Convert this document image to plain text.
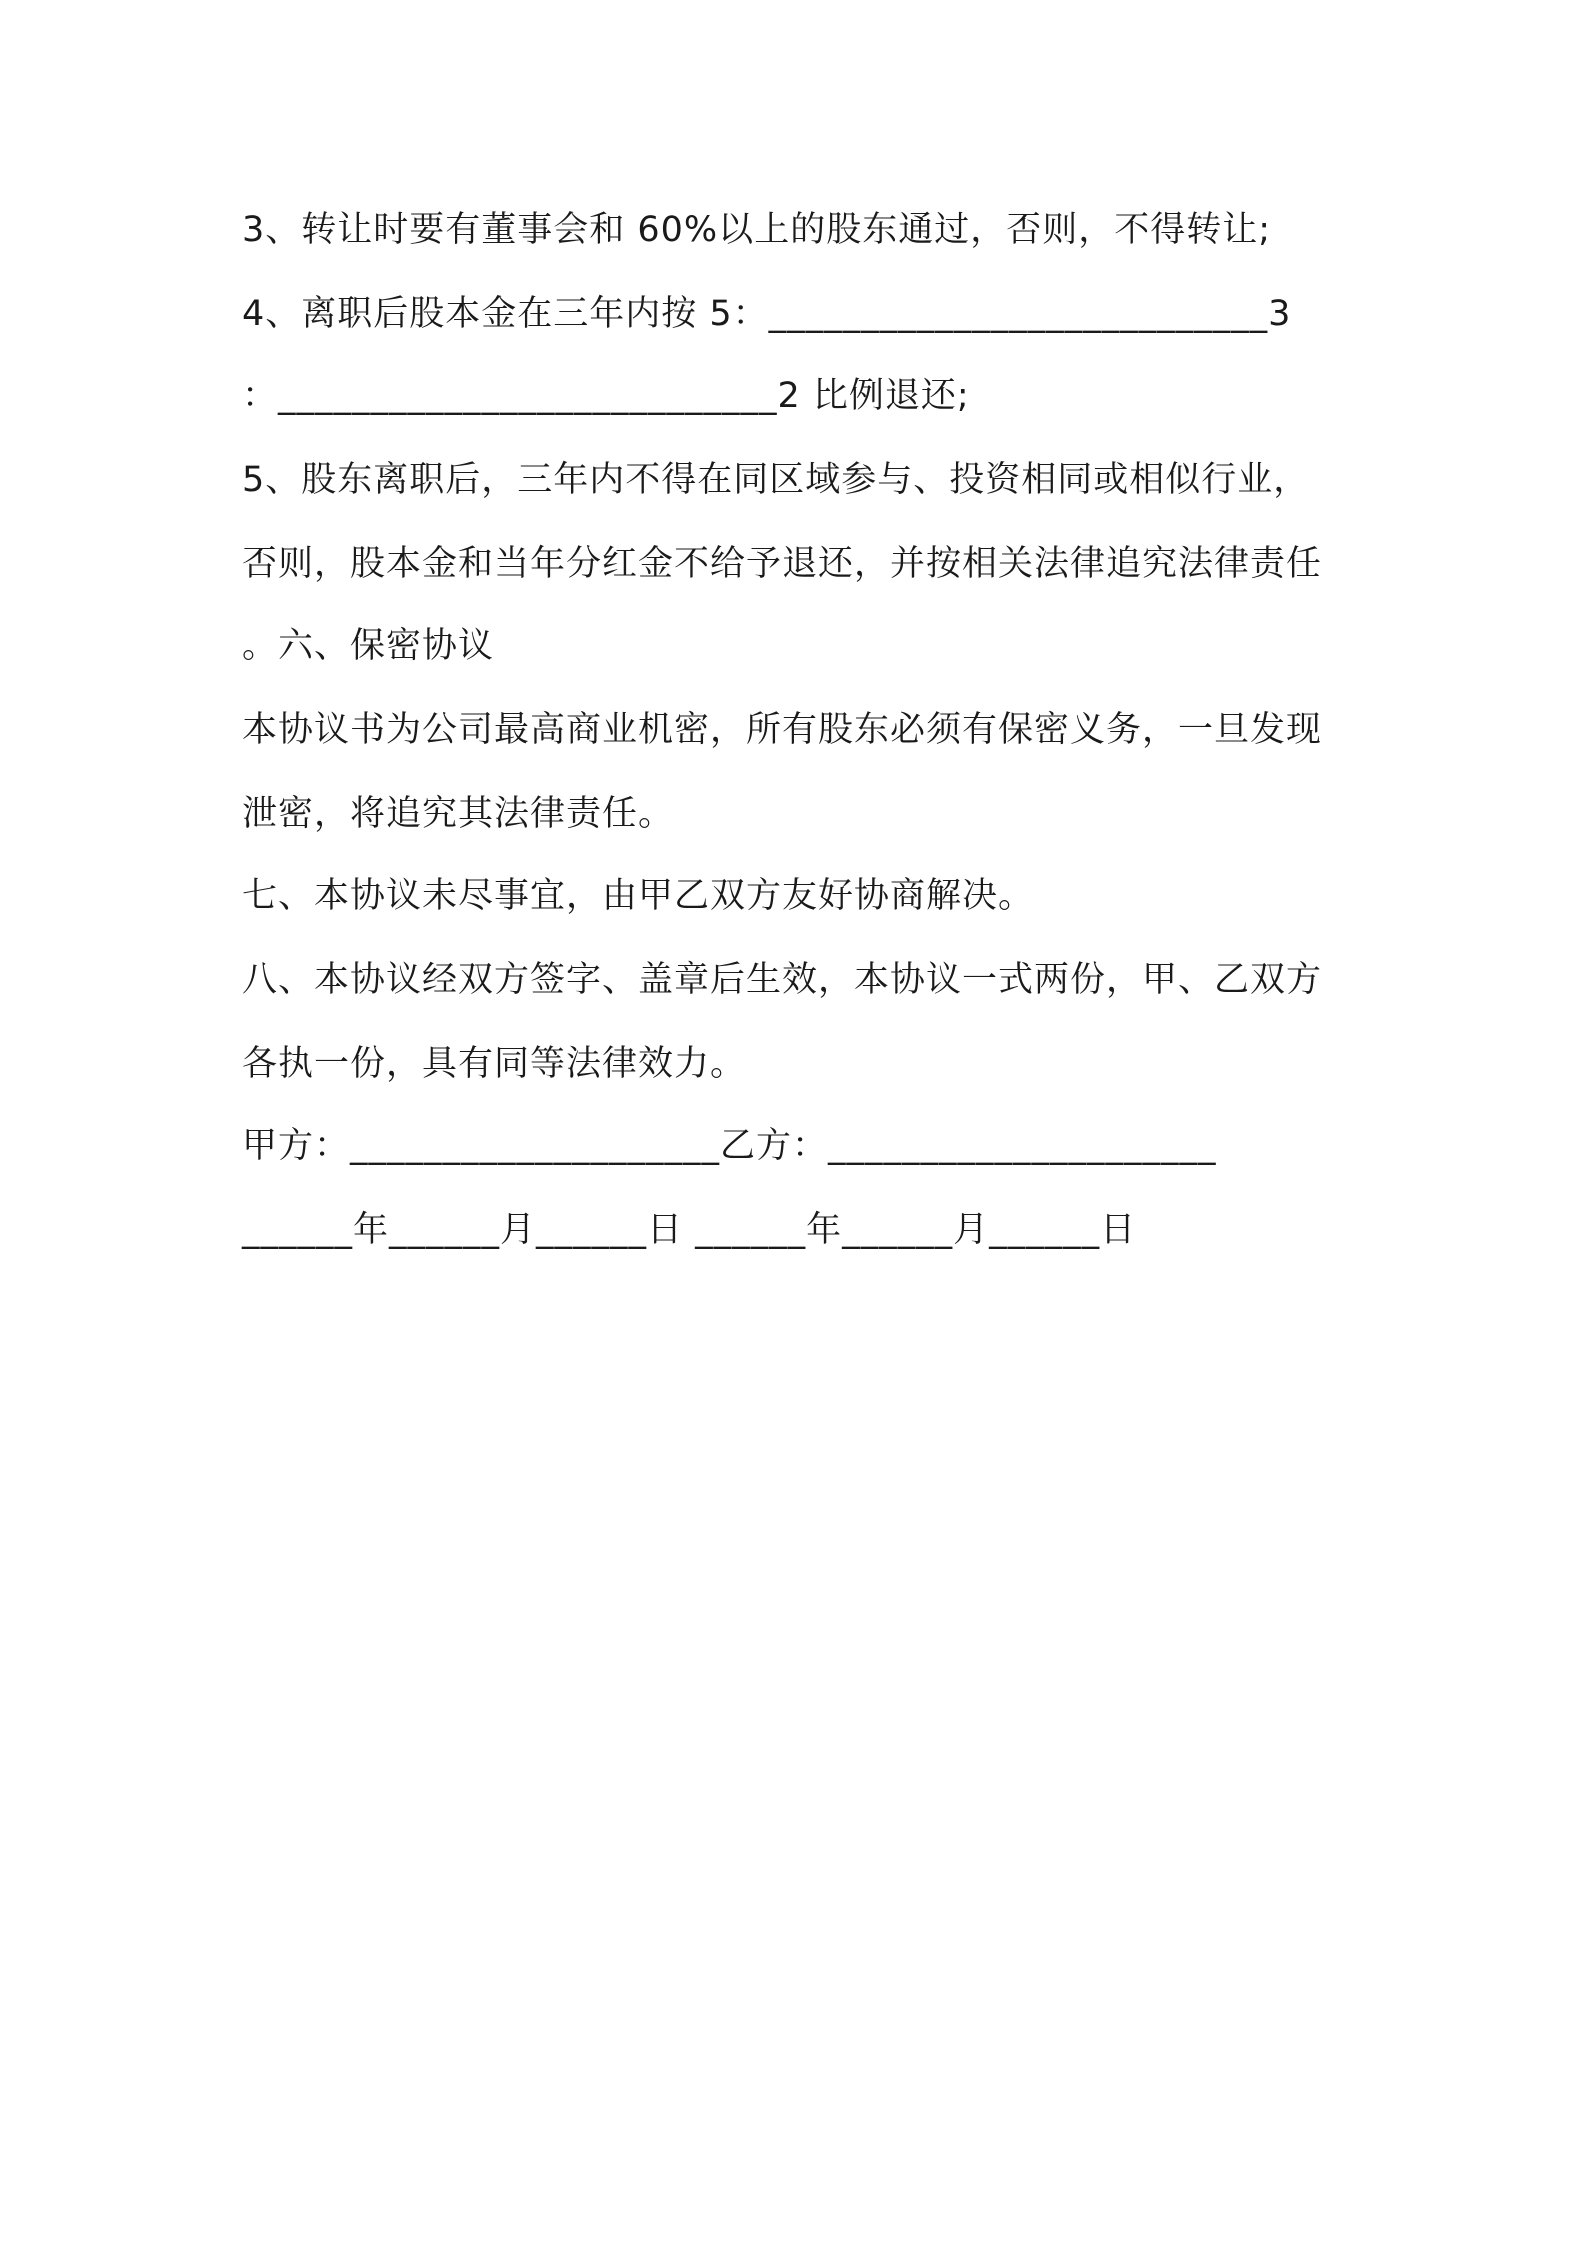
3、转让时要有董事会和 60%以上的股东通过，否则，不得转让;
4、离职后股本金在三年内按 5：___________________________3
：___________________________2 比例退还;
5、股东离职后，三年内不得在同区域参与、投资相同或相似行业，
否则，股本金和当年分红金不给予退还，并按相关法律追究法律责任
。六、保密协议
本协议书为公司最高商业机密，所有股东必须有保密义务，一旦发现
泄密，将追究其法律责任。
七、本协议未尽事宜，由甲乙双方友好协商解决。
八、本协议经双方签字、盖章后生效，本协议一式两份，甲、乙双方
各执一份，具有同等法律效力。
甲方：____________________乙方：_____________________
______年______月______日 ______年______月______日
